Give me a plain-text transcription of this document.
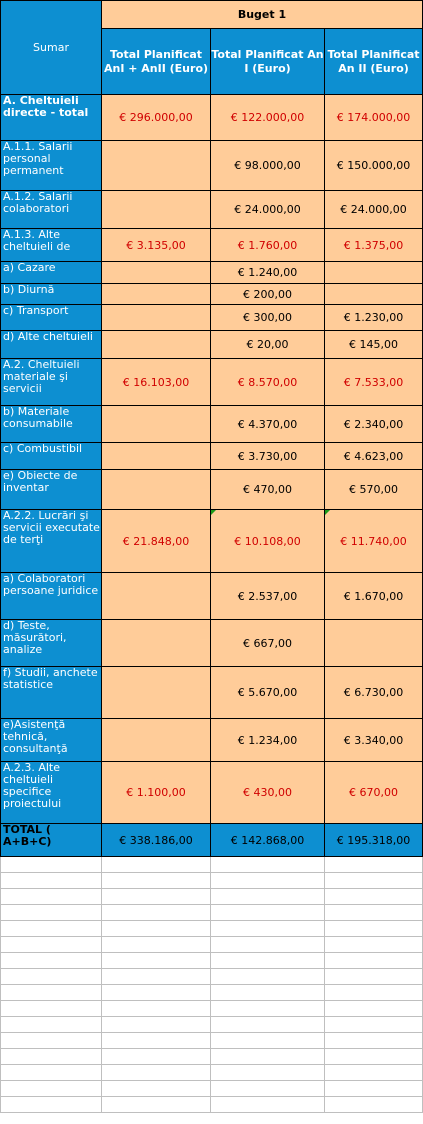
Sumar	Buget 1		
	Total Planificat AnI + AnII (Euro)	Total Planificat An I (Euro)	Total Planificat An II (Euro)
A. Cheltuieli directe - total	€ 296.000,00	€ 122.000,00	€ 174.000,00
A.1.1. Salarii personal permanent		€ 98.000,00	€ 150.000,00
A.1.2. Salarii colaboratori		€ 24.000,00	€ 24.000,00
A.1.3. Alte cheltuieli de	€ 3.135,00	€ 1.760,00	€ 1.375,00
a) Cazare		€ 1.240,00	
b) Diurnă		€ 200,00	
c) Transport		€ 300,00	€ 1.230,00
d) Alte cheltuieli		€ 20,00	€ 145,00
A.2. Cheltuieli materiale şi servicii	€ 16.103,00	€ 8.570,00	€ 7.533,00
b) Materiale consumabile		€ 4.370,00	€ 2.340,00
c) Combustibil		€ 3.730,00	€ 4.623,00
e) Obiecte de inventar		€ 470,00	€ 570,00
A.2.2. Lucrări şi servicii executate de terţi	€ 21.848,00	€ 10.108,00	€ 11.740,00
a) Colaboratori persoane juridice		€ 2.537,00	€ 1.670,00
d) Teste, măsurători, analize		€ 667,00	
f) Studii, anchete statistice		€ 5.670,00	€ 6.730,00
e)Asistenţă tehnică, consultanţă		€ 1.234,00	€ 3.340,00
A.2.3. Alte cheltuieli specifice proiectului	€ 1.100,00	€ 430,00	€ 670,00
TOTAL ( A+B+C)	€ 338.186,00	€ 142.868,00	€ 195.318,00
